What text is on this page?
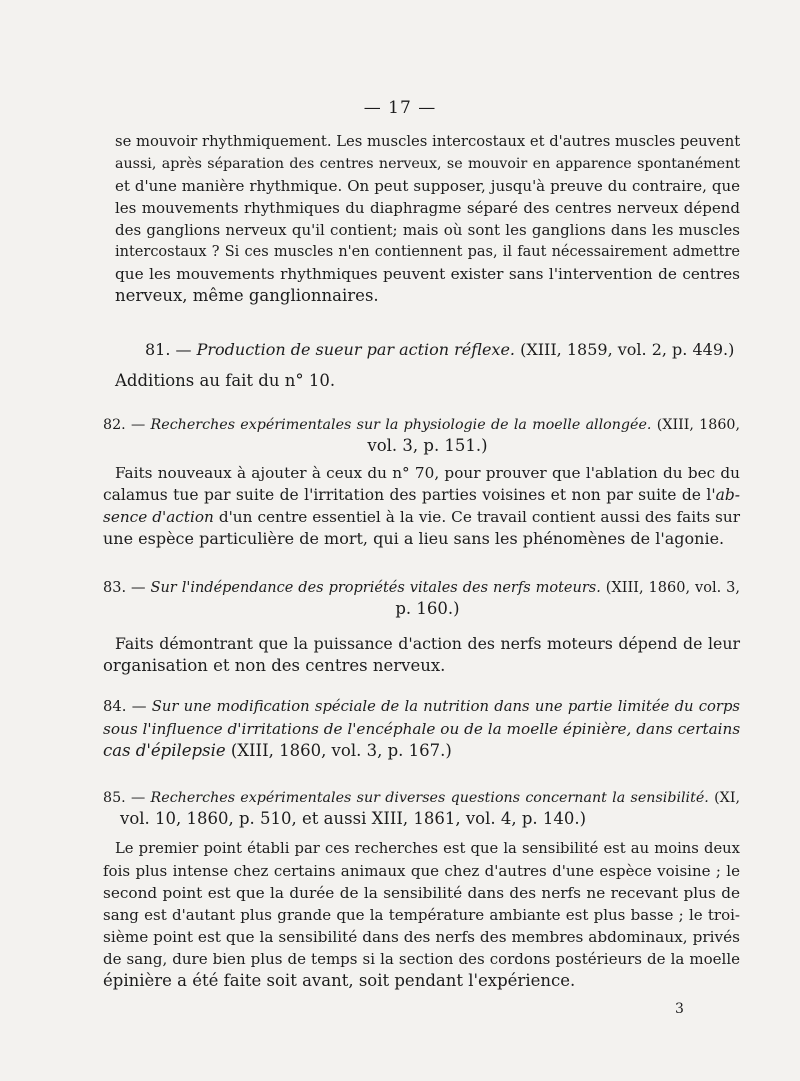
— 17 —
se mouvoir rhythmiquement. Les muscles intercostaux et d'autres muscles peuvent
aussi, après séparation des centres nerveux, se mouvoir en apparence spontanément
et d'une manière rhythmique. On peut supposer, jusqu'à preuve du contraire, que
les mouvements rhythmiques du diaphragme séparé des centres nerveux dépend
des ganglions nerveux qu'il contient; mais où sont les ganglions dans les muscles
intercostaux ? Si ces muscles n'en contiennent pas, il faut nécessairement admettre
que les mouvements rhythmiques peuvent exister sans l'intervention de centres
nerveux, même ganglionnaires.
81. — Production de sueur par action réflexe. (XIII, 1859, vol. 2, p. 449.)
Additions au fait du n° 10.
82. — Recherches expérimentales sur la physiologie de la moelle allongée. (XIII, 1860,
vol. 3, p. 151.)
Faits nouveaux à ajouter à ceux du n° 70, pour prouver que l'ablation du bec du
calamus tue par suite de l'irritation des parties voisines et non par suite de l'ab-
sence d'action d'un centre essentiel à la vie. Ce travail contient aussi des faits sur
une espèce particulière de mort, qui a lieu sans les phénomènes de l'agonie.
83. — Sur l'indépendance des propriétés vitales des nerfs moteurs. (XIII, 1860, vol. 3,
p. 160.)
Faits démontrant que la puissance d'action des nerfs moteurs dépend de leur
organisation et non des centres nerveux.
84. — Sur une modification spéciale de la nutrition dans une partie limitée du corps
sous l'influence d'irritations de l'encéphale ou de la moelle épinière, dans certains
cas d'épilepsie (XIII, 1860, vol. 3, p. 167.)
85. — Recherches expérimentales sur diverses questions concernant la sensibilité. (XI,
vol. 10, 1860, p. 510, et aussi XIII, 1861, vol. 4, p. 140.)
Le premier point établi par ces recherches est que la sensibilité est au moins deux
fois plus intense chez certains animaux que chez d'autres d'une espèce voisine ; le
second point est que la durée de la sensibilité dans des nerfs ne recevant plus de
sang est d'autant plus grande que la température ambiante est plus basse ; le troi-
sième point est que la sensibilité dans des nerfs des membres abdominaux, privés
de sang, dure bien plus de temps si la section des cordons postérieurs de la moelle
épinière a été faite soit avant, soit pendant l'expérience.
3
